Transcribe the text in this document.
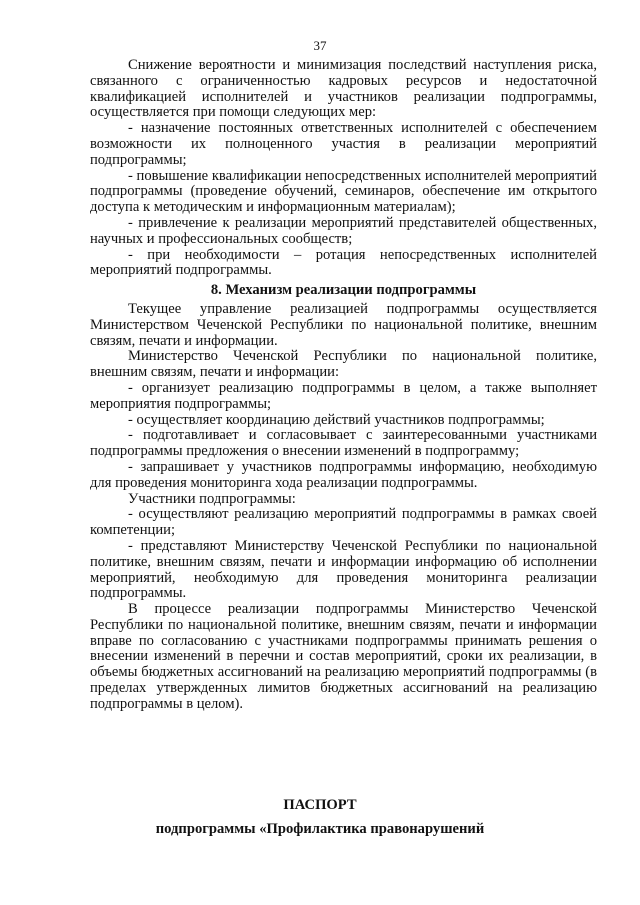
37

Снижение вероятности и минимизация последствий наступления риска, связанного с ограниченностью кадровых ресурсов и недостаточной квалификацией исполнителей и участников реализации подпрограммы, осуществляется при помощи следующих мер:

- назначение постоянных ответственных исполнителей с обеспечением возможности их полноценного участия в реализации мероприятий подпрограммы;

- повышение квалификации непосредственных исполнителей мероприятий подпрограммы (проведение обучений, семинаров, обеспечение им открытого доступа к методическим и информационным материалам);

- привлечение к реализации мероприятий представителей общественных, научных и профессиональных сообществ;

- при необходимости – ротация непосредственных исполнителей мероприятий подпрограммы.

8. Механизм реализации подпрограммы

Текущее управление реализацией подпрограммы осуществляется Министерством Чеченской Республики по национальной политике, внешним связям, печати и информации.

Министерство Чеченской Республики по национальной политике, внешним связям, печати и информации:

- организует реализацию подпрограммы в целом, а также выполняет мероприятия подпрограммы;

- осуществляет координацию действий участников подпрограммы;

- подготавливает и согласовывает с заинтересованными участниками подпрограммы предложения о внесении изменений в подпрограмму;

- запрашивает у участников подпрограммы информацию, необходимую для проведения мониторинга хода реализации подпрограммы.

Участники подпрограммы:

- осуществляют реализацию мероприятий подпрограммы в рамках своей компетенции;

- представляют Министерству Чеченской Республики по национальной политике, внешним связям, печати и информации информацию об исполнении мероприятий, необходимую для проведения мониторинга реализации подпрограммы.

В процессе реализации подпрограммы Министерство Чеченской Республики по национальной политике, внешним связям, печати и информации вправе по согласованию с участниками подпрограммы принимать решения о внесении изменений в перечни и состав мероприятий, сроки их реализации, в объемы бюджетных ассигнований на реализацию мероприятий подпрограммы (в пределах утвержденных лимитов бюджетных ассигнований на реализацию подпрограммы в целом).

ПАСПОРТ
подпрограммы «Профилактика правонарушений
